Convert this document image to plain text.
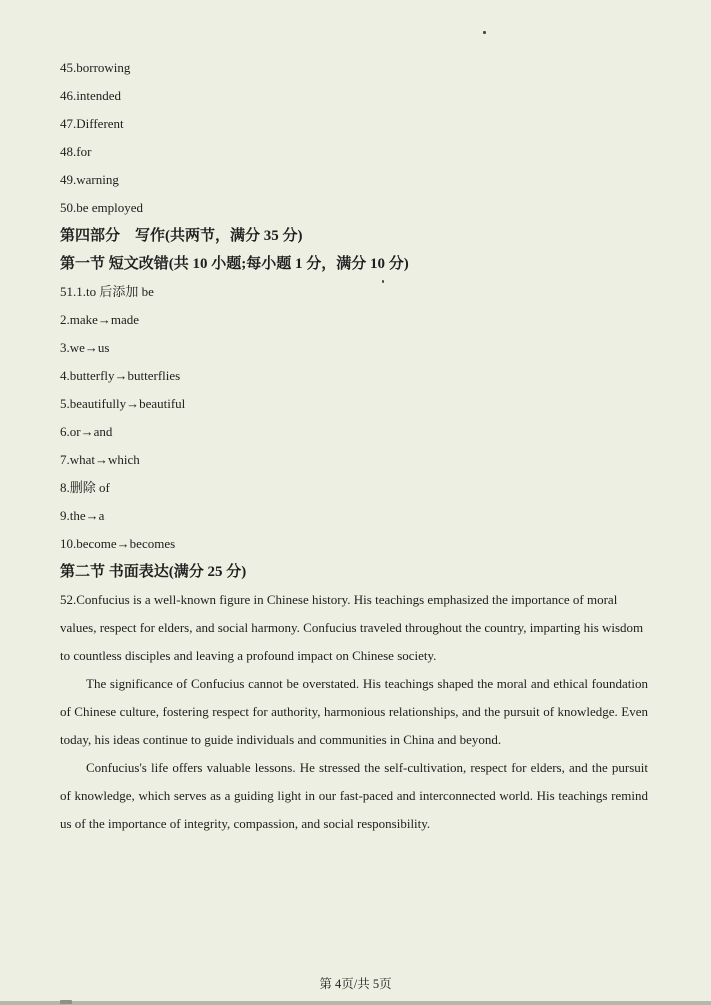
45.borrowing
46.intended
47.Different
48.for
49.warning
50.be employed
第四部分　写作(共两节，满分 35 分)
第一节 短文改错(共 10 小题;每小题 1 分，满分 10 分)
51.1.to 后添加 be
2.make→made
3.we→us
4.butterfly→butterflies
5.beautifully→beautiful
6.or→and
7.what→which
8.删除 of
9.the→a
10.become→becomes
第二节 书面表达(满分 25 分)

52.Confucius is a well-known figure in Chinese history. His teachings emphasized the importance of moral values, respect for elders, and social harmony. Confucius traveled throughout the country, imparting his wisdom to countless disciples and leaving a profound impact on Chinese society.

The significance of Confucius cannot be overstated. His teachings shaped the moral and ethical foundation of Chinese culture, fostering respect for authority, harmonious relationships, and the pursuit of knowledge. Even today, his ideas continue to guide individuals and communities in China and beyond.

Confucius's life offers valuable lessons. He stressed the self-cultivation, respect for elders, and the pursuit of knowledge, which serves as a guiding light in our fast-paced and interconnected world. His teachings remind us of the importance of integrity, compassion, and social responsibility.

第 4页/共 5页
